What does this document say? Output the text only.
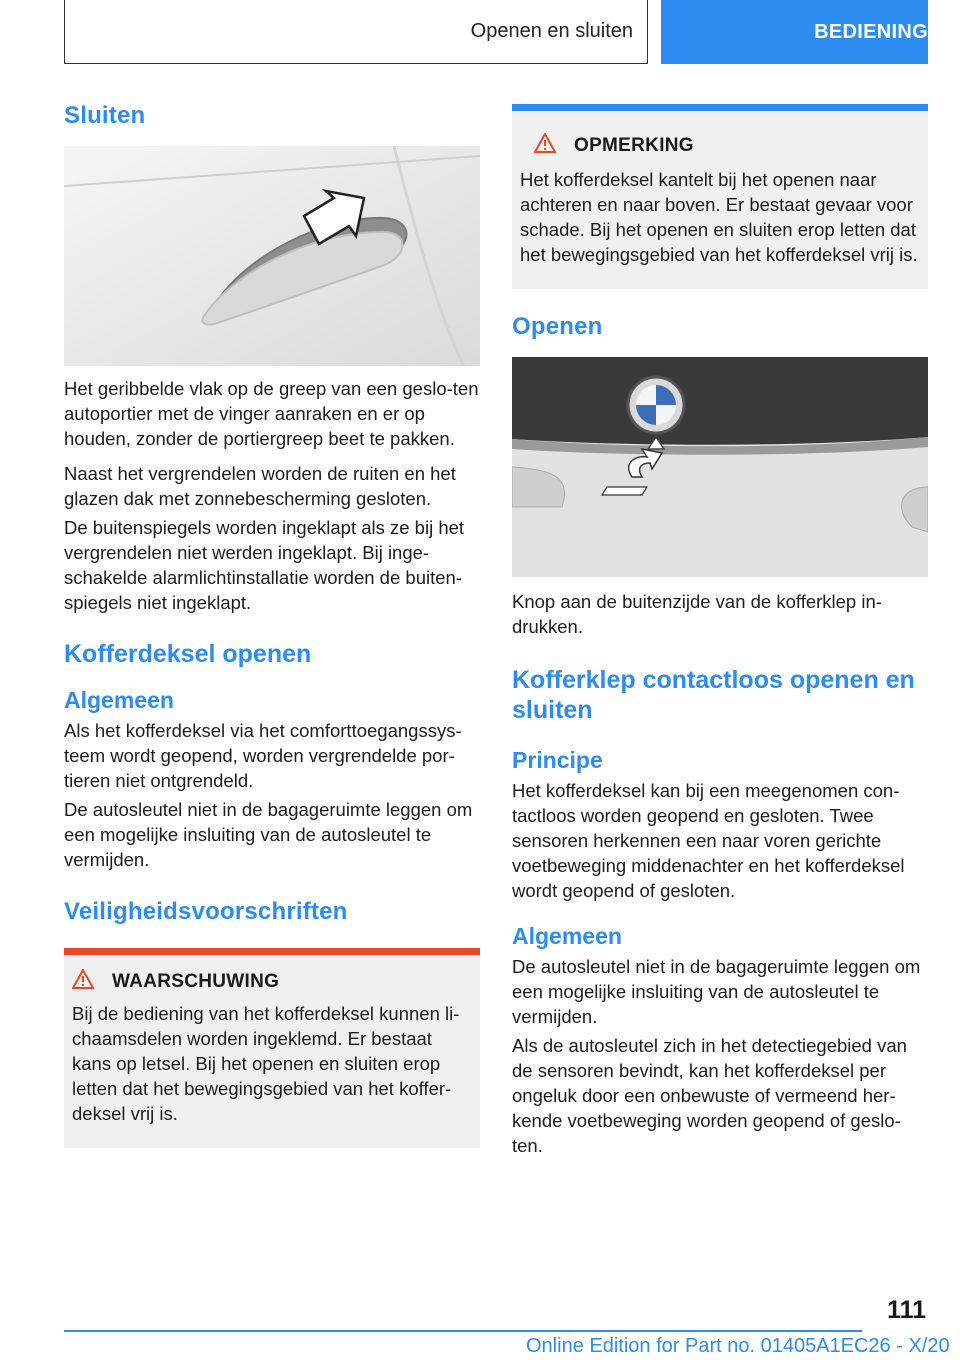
Openen en sluiten	BEDIENING
Sluiten

Het geribbelde vlak op de greep van een geslo-ten autoportier met de vinger aanraken en er op houden, zonder de portiergreep beet te pakken.

Naast het vergrendelen worden de ruiten en het glazen dak met zonnebescherming gesloten.

De buitenspiegels worden ingeklapt als ze bij het vergrendelen niet werden ingeklapt. Bij inge-schakelde alarmlichtinstallatie worden de buiten-spiegels niet ingeklapt.

Kofferdeksel openen
Algemeen

Als het kofferdeksel via het comforttoegangssys-teem wordt geopend, worden vergrendelde por-tieren niet ontgrendeld.

De autosleutel niet in de bagageruimte leggen om een mogelijke insluiting van de autosleutel te vermijden.

Veiligheidsvoorschriften
WAARSCHUWING

Bij de bediening van het kofferdeksel kunnen li-chaamsdelen worden ingeklemd. Er bestaat kans op letsel. Bij het openen en sluiten erop letten dat het bewegingsgebied van het koffer-deksel vrij is.

OPMERKING

Het kofferdeksel kantelt bij het openen naar achteren en naar boven. Er bestaat gevaar voor schade. Bij het openen en sluiten erop letten dat het bewegingsgebied van het kofferdeksel vrij is.

Openen

Knop aan de buitenzijde van de kofferklep in-drukken.

Kofferklep contactloos openen en sluiten
Principe

Het kofferdeksel kan bij een meegenomen con-tactloos worden geopend en gesloten. Twee sensoren herkennen een naar voren gerichte voetbeweging middenachter en het kofferdeksel wordt geopend of gesloten.

Algemeen

De autosleutel niet in de bagageruimte leggen om een mogelijke insluiting van de autosleutel te vermijden.

Als de autosleutel zich in het detectiegebied van de sensoren bevindt, kan het kofferdeksel per ongeluk door een onbewuste of vermeend her-kende voetbeweging worden geopend of geslo-ten.

111
Online Edition for Part no. 01405A1EC26 - X/20
